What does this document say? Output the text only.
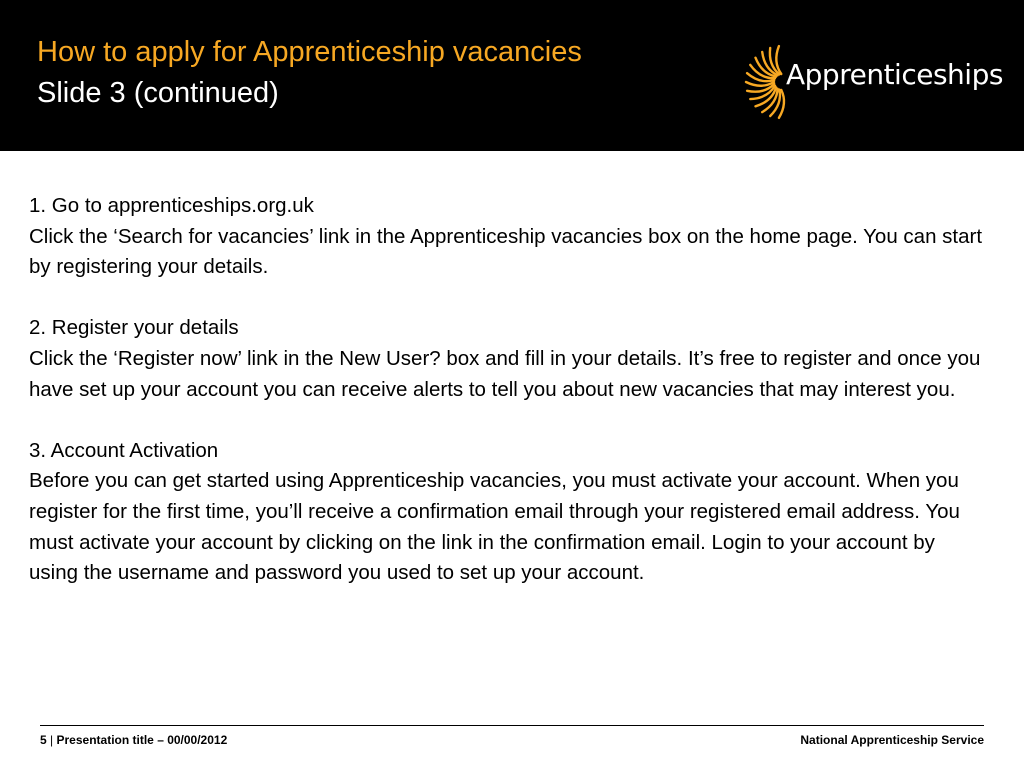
How to apply for Apprenticeship vacancies
Slide 3 (continued)
Apprenticeships

1. Go to apprenticeships.org.uk

Click the ‘Search for vacancies’ link in the Apprenticeship vacancies box on the home page. You can start by registering your details.

2. Register your details

Click the ‘Register now’ link in the New User? box and fill in your details. It’s free to register and once you have set up your account you can receive alerts to tell you about new vacancies that may interest you.

3. Account Activation

Before you can get started using Apprenticeship vacancies, you must activate your account. When you register for the first time, you’ll receive a confirmation email through your registered email address. You must activate your account by clicking on the link in the confirmation email. Login to your account by using the username and password you used to set up your account.

5 | Presentation title – 00/00/2012	National Apprenticeship Service
